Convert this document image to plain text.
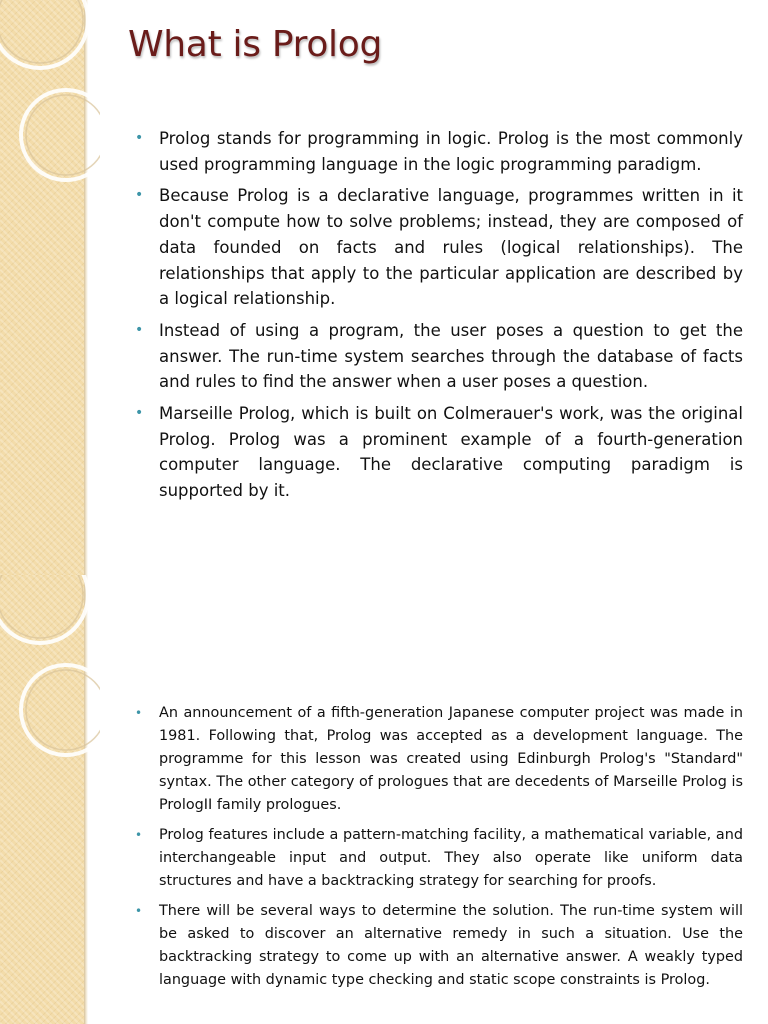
What is Prolog
• Prolog stands for programming in logic. Prolog is the most commonly used programming language in the logic programming paradigm.
• Because Prolog is a declarative language, programmes written in it don't compute how to solve problems; instead, they are composed of data founded on facts and rules (logical relationships). The relationships that apply to the particular application are described by a logical relationship.
• Instead of using a program, the user poses a question to get the answer. The run-time system searches through the database of facts and rules to find the answer when a user poses a question.
• Marseille Prolog, which is built on Colmerauer's work, was the original Prolog. Prolog was a prominent example of a fourth-generation computer language. The declarative computing paradigm is supported by it.
• An announcement of a fifth-generation Japanese computer project was made in 1981. Following that, Prolog was accepted as a development language. The programme for this lesson was created using Edinburgh Prolog's "Standard" syntax. The other category of prologues that are decedents of Marseille Prolog is PrologII family prologues.
• Prolog features include a pattern-matching facility, a mathematical variable, and interchangeable input and output. They also operate like uniform data structures and have a backtracking strategy for searching for proofs.
• There will be several ways to determine the solution. The run-time system will be asked to discover an alternative remedy in such a situation. Use the backtracking strategy to come up with an alternative answer. A weakly typed language with dynamic type checking and static scope constraints is Prolog.
